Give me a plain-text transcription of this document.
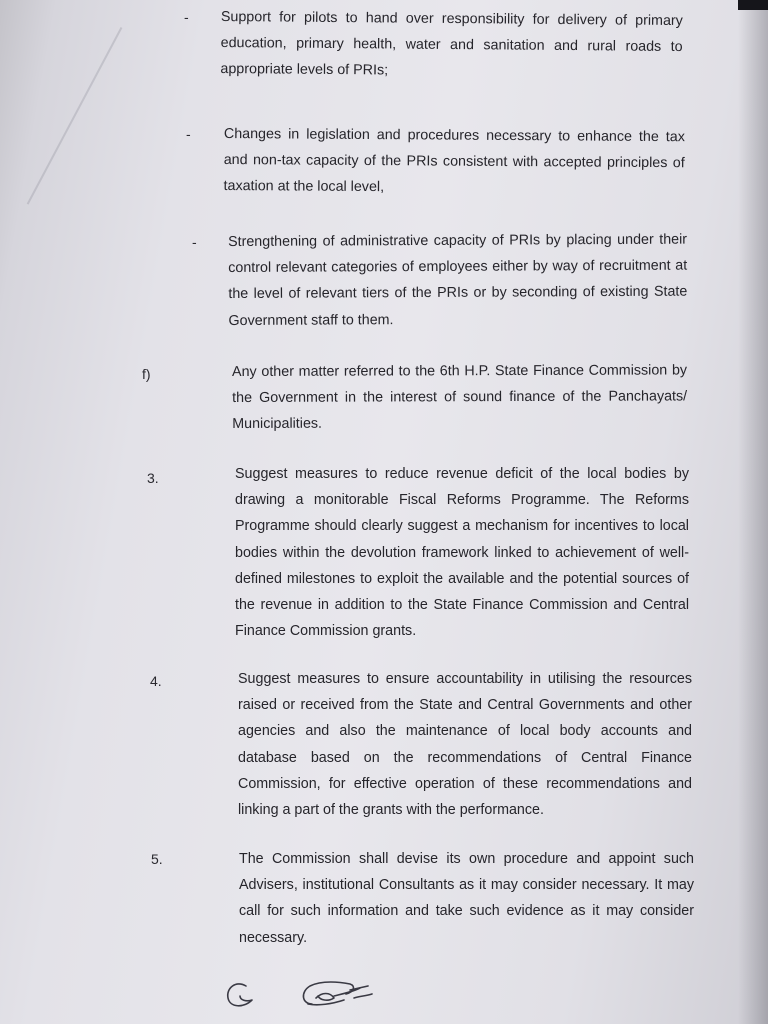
- Support for pilots to hand over responsibility for delivery of primary education, primary health, water and sanitation and rural roads to appropriate levels of PRIs;

- Changes in legislation and procedures necessary to enhance the tax and non-tax capacity of the PRIs consistent with accepted principles of taxation at the local level,

- Strengthening of administrative capacity of PRIs by placing under their control relevant categories of employees either by way of recruitment at the level of relevant tiers of the PRIs or by seconding of existing State Government staff to them.

f)	Any other matter referred to the 6th H.P. State Finance Commission by the Government in the interest of sound finance of the Panchayats/ Municipalities.

3.	Suggest measures to reduce revenue deficit of the local bodies by drawing a monitorable Fiscal Reforms Programme. The Reforms Programme should clearly suggest a mechanism for incentives to local bodies within the devolution framework linked to achievement of well-defined milestones to exploit the available and the potential sources of the revenue in addition to the State Finance Commission and Central Finance Commission grants.

4.	Suggest measures to ensure accountability in utilising the resources raised or received from the State and Central Governments and other agencies and also the maintenance of local body accounts and database based on the recommendations of Central Finance Commission, for effective operation of these recommendations and linking a part of the grants with the performance.

5.	The Commission shall devise its own procedure and appoint such Advisers, institutional Consultants as it may consider necessary. It may call for such information and take such evidence as it may consider necessary.
